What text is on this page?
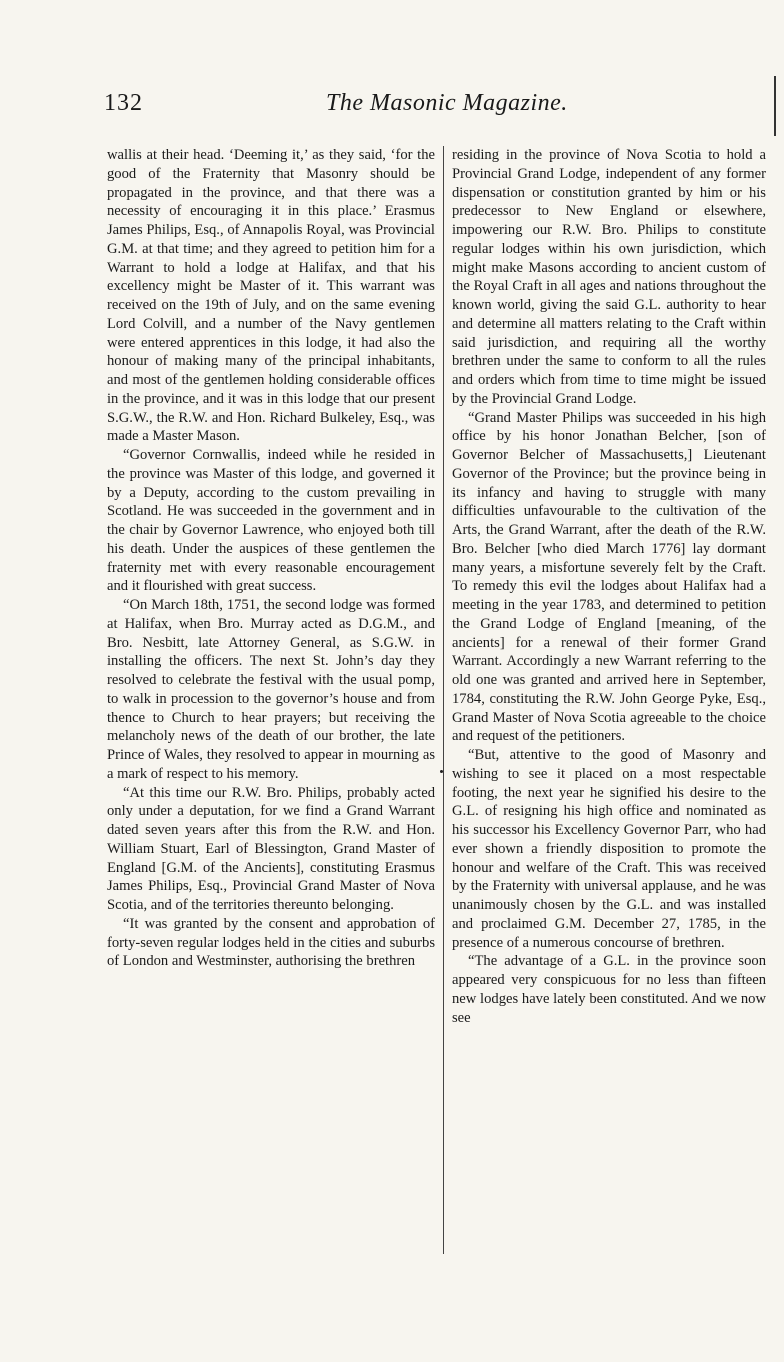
132	The Masonic Magazine.

wallis at their head. ‘Deeming it,’ as they said, ‘for the good of the Fraternity that Masonry should be propagated in the province, and that there was a necessity of encouraging it in this place.’ Erasmus James Philips, Esq., of Annapolis Royal, was Provincial G.M. at that time; and they agreed to petition him for a Warrant to hold a lodge at Halifax, and that his excellency might be Master of it. This warrant was received on the 19th of July, and on the same evening Lord Colvill, and a number of the Navy gentlemen were entered apprentices in this lodge, it had also the honour of making many of the principal inhabitants, and most of the gentlemen holding considerable offices in the province, and it was in this lodge that our present S.G.W., the R.W. and Hon. Richard Bulkeley, Esq., was made a Master Mason.

“Governor Cornwallis, indeed while he resided in the province was Master of this lodge, and governed it by a Deputy, according to the custom prevailing in Scotland. He was succeeded in the government and in the chair by Governor Lawrence, who enjoyed both till his death. Under the auspices of these gentlemen the fraternity met with every reasonable encouragement and it flourished with great success.

“On March 18th, 1751, the second lodge was formed at Halifax, when Bro. Murray acted as D.G.M., and Bro. Nesbitt, late Attorney General, as S.G.W. in installing the officers. The next St. John’s day they resolved to celebrate the festival with the usual pomp, to walk in procession to the governor’s house and from thence to Church to hear prayers; but receiving the melancholy news of the death of our brother, the late Prince of Wales, they resolved to appear in mourning as a mark of respect to his memory.

“At this time our R.W. Bro. Philips, probably acted only under a deputation, for we find a Grand Warrant dated seven years after this from the R.W. and Hon. William Stuart, Earl of Blessington, Grand Master of England [G.M. of the Ancients], constituting Erasmus James Philips, Esq., Provincial Grand Master of Nova Scotia, and of the territories thereunto belonging.

“It was granted by the consent and approbation of forty-seven regular lodges held in the cities and suburbs of London and Westminster, authorising the brethren

residing in the province of Nova Scotia to hold a Provincial Grand Lodge, independent of any former dispensation or constitution granted by him or his predecessor to New England or elsewhere, impowering our R.W. Bro. Philips to constitute regular lodges within his own jurisdiction, which might make Masons according to ancient custom of the Royal Craft in all ages and nations throughout the known world, giving the said G.L. authority to hear and determine all matters relating to the Craft within said jurisdiction, and requiring all the worthy brethren under the same to conform to all the rules and orders which from time to time might be issued by the Provincial Grand Lodge.

“Grand Master Philips was succeeded in his high office by his honor Jonathan Belcher, [son of Governor Belcher of Massachusetts,] Lieutenant Governor of the Province; but the province being in its infancy and having to struggle with many difficulties unfavourable to the cultivation of the Arts, the Grand Warrant, after the death of the R.W. Bro. Belcher [who died March 1776] lay dormant many years, a misfortune severely felt by the Craft. To remedy this evil the lodges about Halifax had a meeting in the year 1783, and determined to petition the Grand Lodge of England [meaning, of the ancients] for a renewal of their former Grand Warrant. Accordingly a new Warrant referring to the old one was granted and arrived here in September, 1784, constituting the R.W. John George Pyke, Esq., Grand Master of Nova Scotia agreeable to the choice and request of the petitioners.

“But, attentive to the good of Masonry and wishing to see it placed on a most respectable footing, the next year he signified his desire to the G.L. of resigning his high office and nominated as his successor his Excellency Governor Parr, who had ever shown a friendly disposition to promote the honour and welfare of the Craft. This was received by the Fraternity with universal applause, and he was unanimously chosen by the G.L. and was installed and proclaimed G.M. December 27, 1785, in the presence of a numerous concourse of brethren.

“The advantage of a G.L. in the province soon appeared very conspicuous for no less than fifteen new lodges have lately been constituted. And we now see
